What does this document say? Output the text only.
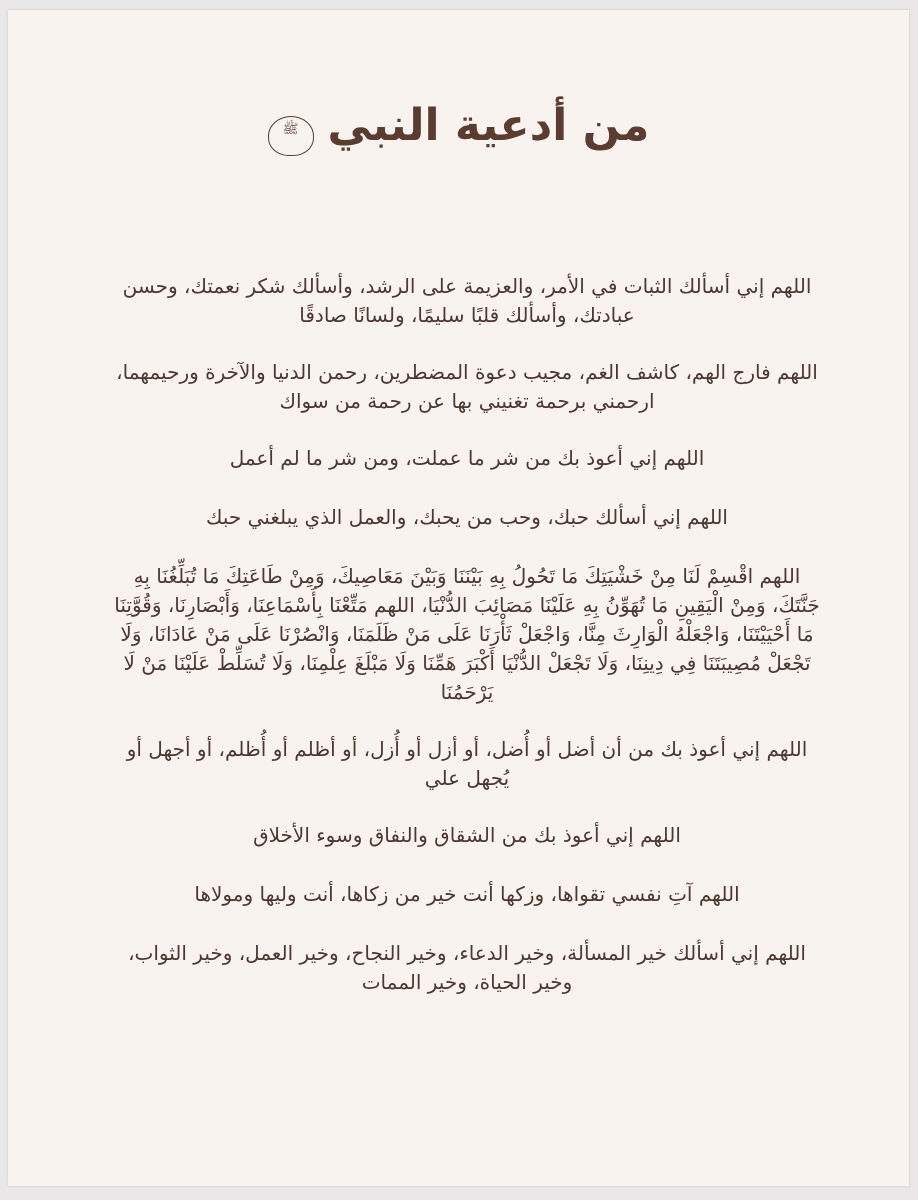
من أدعية النبي ﷺ

اللهم إني أسألك الثبات في الأمر، والعزيمة على الرشد، وأسألك شكر نعمتك، وحسن عبادتك، وأسألك قلبًا سليمًا، ولسانًا صادقًا

اللهم فارج الهم، كاشف الغم، مجيب دعوة المضطرين، رحمن الدنيا والآخرة ورحيمهما، ارحمني برحمة تغنيني بها عن رحمة من سواك

اللهم إني أعوذ بك من شر ما عملت، ومن شر ما لم أعمل

اللهم إني أسألك حبك، وحب من يحبك، والعمل الذي يبلغني حبك

اللهم اقْسِمْ لَنَا مِنْ خَشْيَتِكَ مَا تَحُولُ بِهِ بَيْنَنَا وَبَيْنَ مَعَاصِيكَ، وَمِنْ طَاعَتِكَ مَا تُبَلِّغُنَا بِهِ جَنَّتَكَ، وَمِنْ الْيَقِينِ مَا تُهَوِّنُ بِهِ عَلَيْنَا مَصَائِبَ الدُّنْيَا، اللهم مَتِّعْنَا بِأَسْمَاعِنَا، وَأَبْصَارِنَا، وَقُوَّتِنَا مَا أَحْيَيْتَنَا، وَاجْعَلْهُ الْوَارِثَ مِنَّا، وَاجْعَلْ ثَأْرَنَا عَلَى مَنْ ظَلَمَنَا، وَانْصُرْنَا عَلَى مَنْ عَادَانَا، وَلَا تَجْعَلْ مُصِيبَتَنَا فِي دِينِنَا، وَلَا تَجْعَلْ الدُّنْيَا أَكْبَرَ هَمِّنَا وَلَا مَبْلَغَ عِلْمِنَا، وَلَا تُسَلِّطْ عَلَيْنَا مَنْ لَا يَرْحَمُنَا

اللهم إني أعوذ بك من أن أضل أو أُضل، أو أزل أو أُزل، أو أظلم أو أُظلم، أو أجهل أو يُجهل علي

اللهم إني أعوذ بك من الشقاق والنفاق وسوء الأخلاق

اللهم آتِ نفسي تقواها، وزكها أنت خير من زكاها، أنت وليها ومولاها

اللهم إني أسألك خير المسألة، وخير الدعاء، وخير النجاح، وخير العمل، وخير الثواب، وخير الحياة، وخير الممات
